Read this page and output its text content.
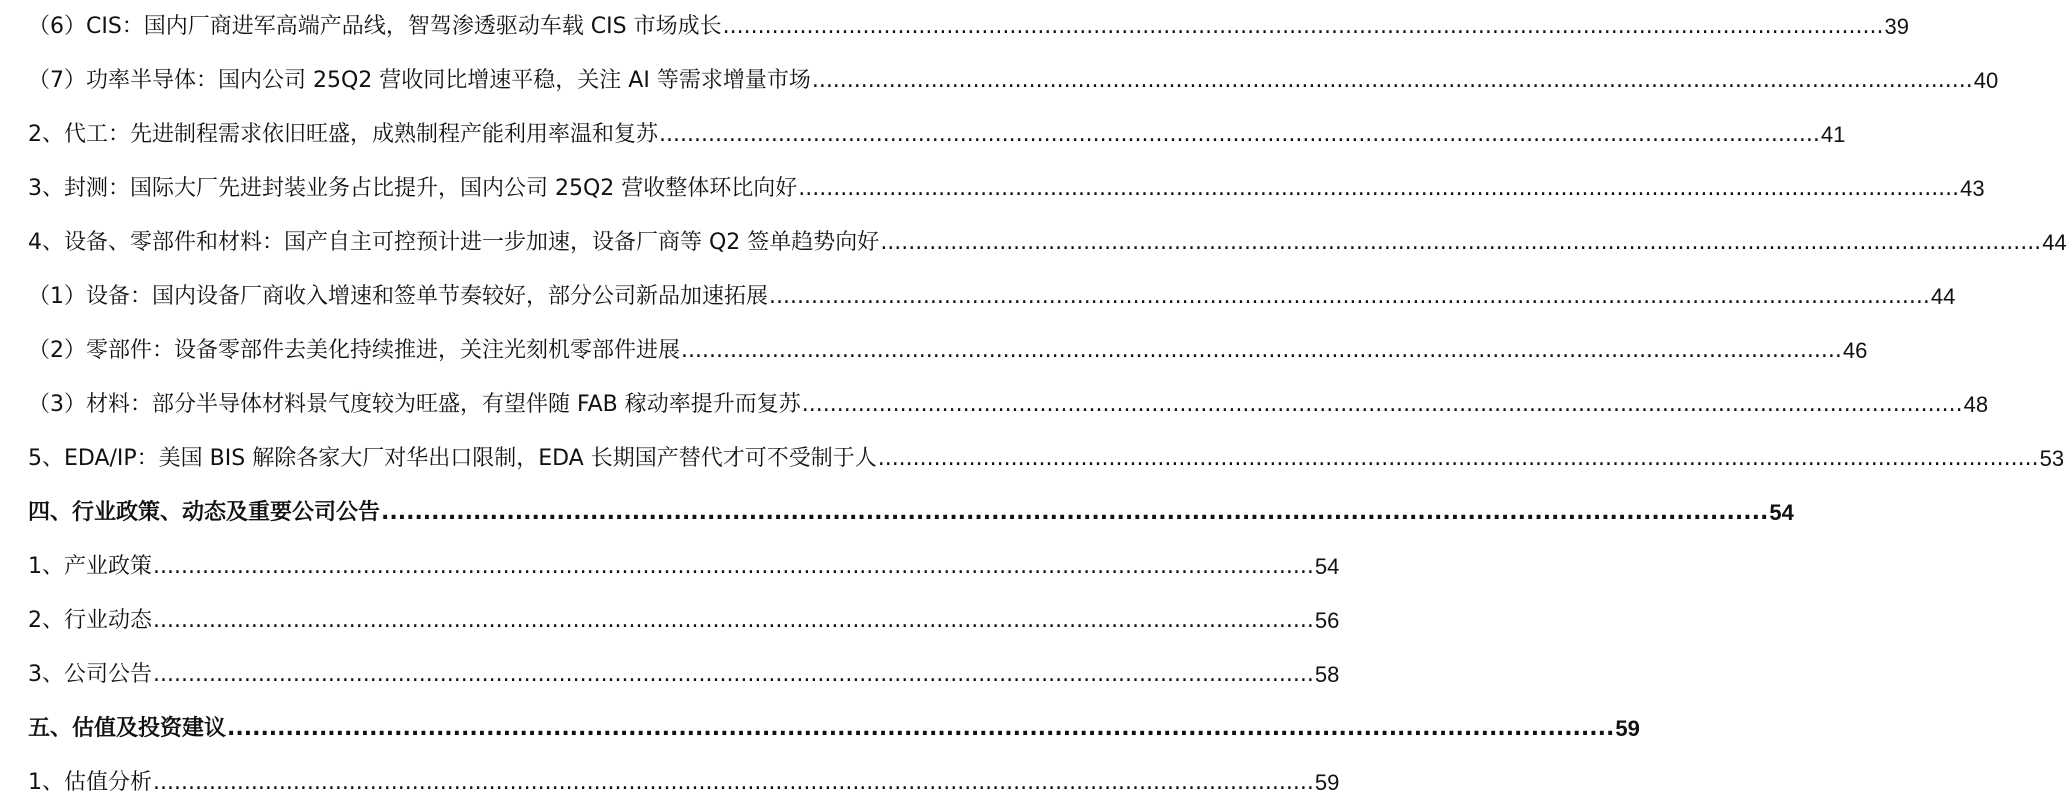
（6）CIS：国内厂商进军高端产品线，智驾渗透驱动车载 CIS 市场成长 ...................................................................................................................................................................... 39
（7）功率半导体：国内公司 25Q2 营收同比增速平稳，关注 AI 等需求增量市场 ...................................................................................................................................................................... 40
2、代工：先进制程需求依旧旺盛，成熟制程产能利用率温和复苏 ...................................................................................................................................................................... 41
3、封测：国际大厂先进封装业务占比提升，国内公司 25Q2 营收整体环比向好 ...................................................................................................................................................................... 43
4、设备、零部件和材料：国产自主可控预计进一步加速，设备厂商等 Q2 签单趋势向好 ...................................................................................................................................................................... 44
（1）设备：国内设备厂商收入增速和签单节奏较好，部分公司新品加速拓展 ...................................................................................................................................................................... 44
（2）零部件：设备零部件去美化持续推进，关注光刻机零部件进展 ...................................................................................................................................................................... 46
（3）材料：部分半导体材料景气度较为旺盛，有望伴随 FAB 稼动率提升而复苏 ...................................................................................................................................................................... 48
5、EDA/IP：美国 BIS 解除各家大厂对华出口限制，EDA 长期国产替代才可不受制于人 ...................................................................................................................................................................... 53
四、行业政策、动态及重要公司公告 ...................................................................................................................................................................... 54
1、产业政策 ...................................................................................................................................................................... 54
2、行业动态 ...................................................................................................................................................................... 56
3、公司公告 ...................................................................................................................................................................... 58
五、估值及投资建议 ...................................................................................................................................................................... 59
1、估值分析 ...................................................................................................................................................................... 59
